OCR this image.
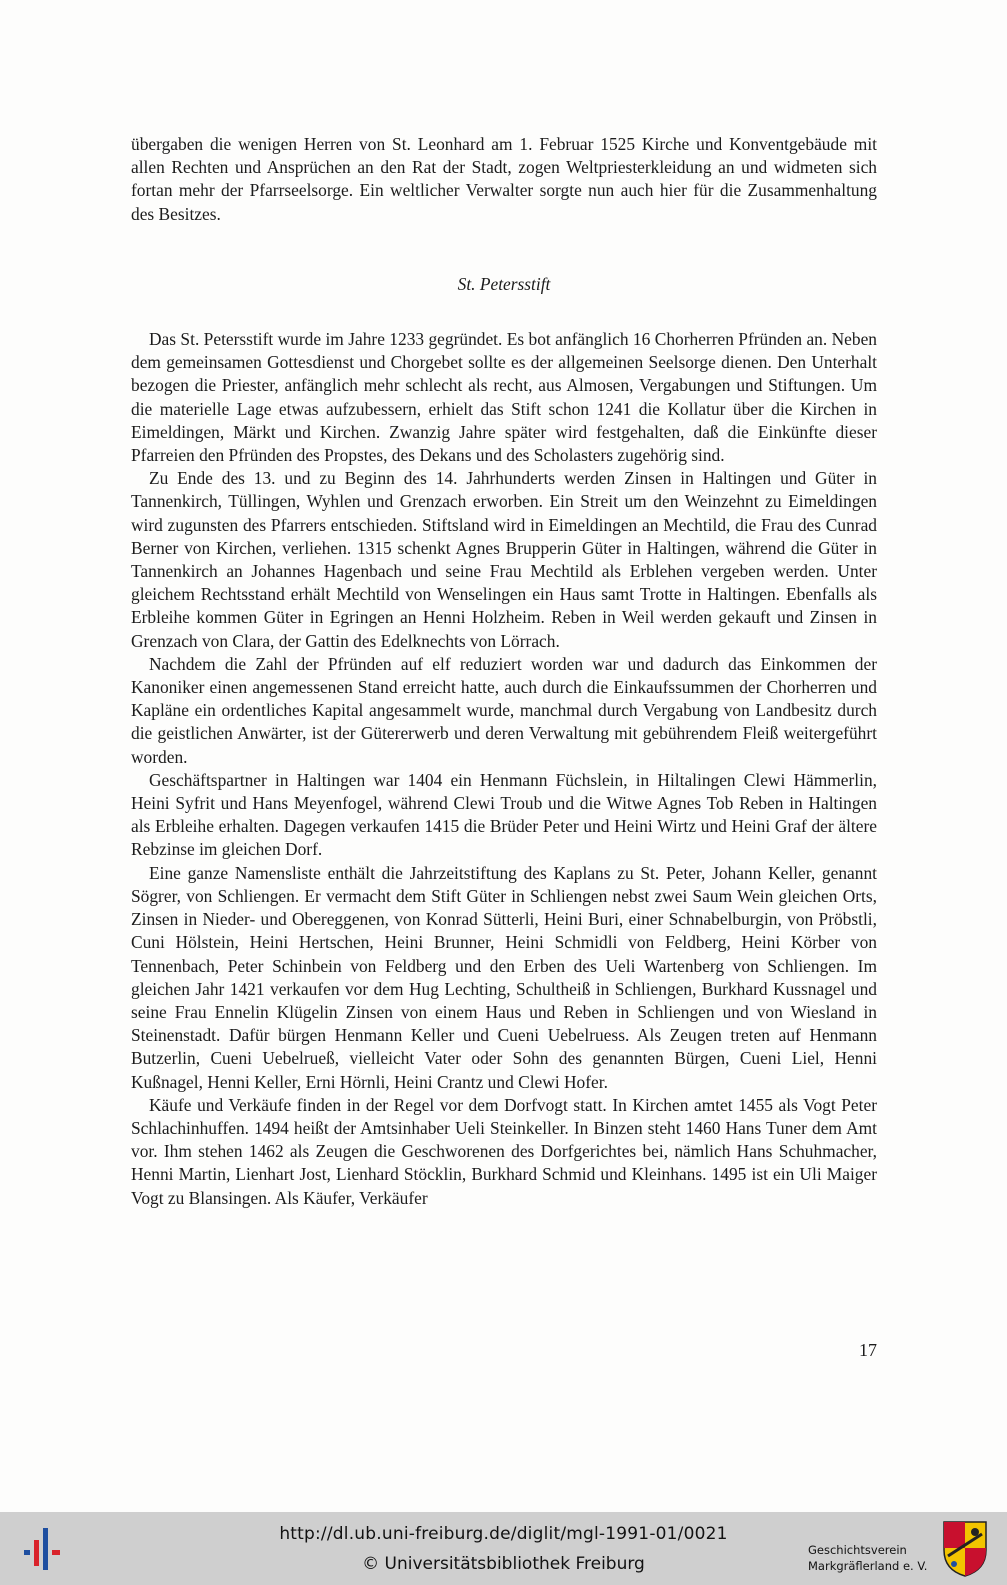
übergaben die wenigen Herren von St. Leonhard am 1. Februar 1525 Kirche und Konventgebäude mit allen Rechten und Ansprüchen an den Rat der Stadt, zogen Weltpriesterkleidung an und widmeten sich fortan mehr der Pfarrseelsorge. Ein weltlicher Verwalter sorgte nun auch hier für die Zusammenhaltung des Besitzes.

St. Petersstift

Das St. Petersstift wurde im Jahre 1233 gegründet. Es bot anfänglich 16 Chorherren Pfründen an. Neben dem gemeinsamen Gottesdienst und Chorgebet sollte es der allgemeinen Seelsorge dienen. Den Unterhalt bezogen die Priester, anfänglich mehr schlecht als recht, aus Almosen, Vergabungen und Stiftungen. Um die materielle Lage etwas aufzubessern, erhielt das Stift schon 1241 die Kollatur über die Kirchen in Eimeldingen, Märkt und Kirchen. Zwanzig Jahre später wird festgehalten, daß die Einkünfte dieser Pfarreien den Pfründen des Propstes, des Dekans und des Scholasters zugehörig sind.

Zu Ende des 13. und zu Beginn des 14. Jahrhunderts werden Zinsen in Haltingen und Güter in Tannenkirch, Tüllingen, Wyhlen und Grenzach erworben. Ein Streit um den Weinzehnt zu Eimeldingen wird zugunsten des Pfarrers entschieden. Stiftsland wird in Eimeldingen an Mechtild, die Frau des Cunrad Berner von Kirchen, verliehen. 1315 schenkt Agnes Brupperin Güter in Haltingen, während die Güter in Tannenkirch an Johannes Hagenbach und seine Frau Mechtild als Erblehen vergeben werden. Unter gleichem Rechtsstand erhält Mechtild von Wenselingen ein Haus samt Trotte in Haltingen. Ebenfalls als Erbleihe kommen Güter in Egringen an Henni Holzheim. Reben in Weil werden gekauft und Zinsen in Grenzach von Clara, der Gattin des Edelknechts von Lörrach.

Nachdem die Zahl der Pfründen auf elf reduziert worden war und dadurch das Einkommen der Kanoniker einen angemessenen Stand erreicht hatte, auch durch die Einkaufssummen der Chorherren und Kapläne ein ordentliches Kapital angesammelt wurde, manchmal durch Vergabung von Landbesitz durch die geistlichen Anwärter, ist der Gütererwerb und deren Verwaltung mit gebührendem Fleiß weitergeführt worden.

Geschäftspartner in Haltingen war 1404 ein Henmann Füchslein, in Hiltalingen Clewi Hämmerlin, Heini Syfrit und Hans Meyenfogel, während Clewi Troub und die Witwe Agnes Tob Reben in Haltingen als Erbleihe erhalten. Dagegen verkaufen 1415 die Brüder Peter und Heini Wirtz und Heini Graf der ältere Rebzinse im gleichen Dorf.

Eine ganze Namensliste enthält die Jahrzeitstiftung des Kaplans zu St. Peter, Johann Keller, genannt Sögrer, von Schliengen. Er vermacht dem Stift Güter in Schliengen nebst zwei Saum Wein gleichen Orts, Zinsen in Nieder- und Obereggenen, von Konrad Sütterli, Heini Buri, einer Schnabelburgin, von Pröbstli, Cuni Hölstein, Heini Hertschen, Heini Brunner, Heini Schmidli von Feldberg, Heini Körber von Tennenbach, Peter Schinbein von Feldberg und den Erben des Ueli Wartenberg von Schliengen. Im gleichen Jahr 1421 verkaufen vor dem Hug Lechting, Schultheiß in Schliengen, Burkhard Kussnagel und seine Frau Ennelin Klügelin Zinsen von einem Haus und Reben in Schliengen und von Wiesland in Steinenstadt. Dafür bürgen Henmann Keller und Cueni Uebelruess. Als Zeugen treten auf Henmann Butzerlin, Cueni Uebelrueß, vielleicht Vater oder Sohn des genannten Bürgen, Cueni Liel, Henni Kußnagel, Henni Keller, Erni Hörnli, Heini Crantz und Clewi Hofer.

Käufe und Verkäufe finden in der Regel vor dem Dorfvogt statt. In Kirchen amtet 1455 als Vogt Peter Schlachinhuffen. 1494 heißt der Amtsinhaber Ueli Steinkeller. In Binzen steht 1460 Hans Tuner dem Amt vor. Ihm stehen 1462 als Zeugen die Geschworenen des Dorfgerichtes bei, nämlich Hans Schuhmacher, Henni Martin, Lienhart Jost, Lienhard Stöcklin, Burkhard Schmid und Kleinhans. 1495 ist ein Uli Maiger Vogt zu Blansingen. Als Käufer, Verkäufer

17
http://dl.ub.uni-freiburg.de/diglit/mgl-1991-01/0021
© Universitätsbibliothek Freiburg
Geschichtsverein
Markgräflerland e. V.
